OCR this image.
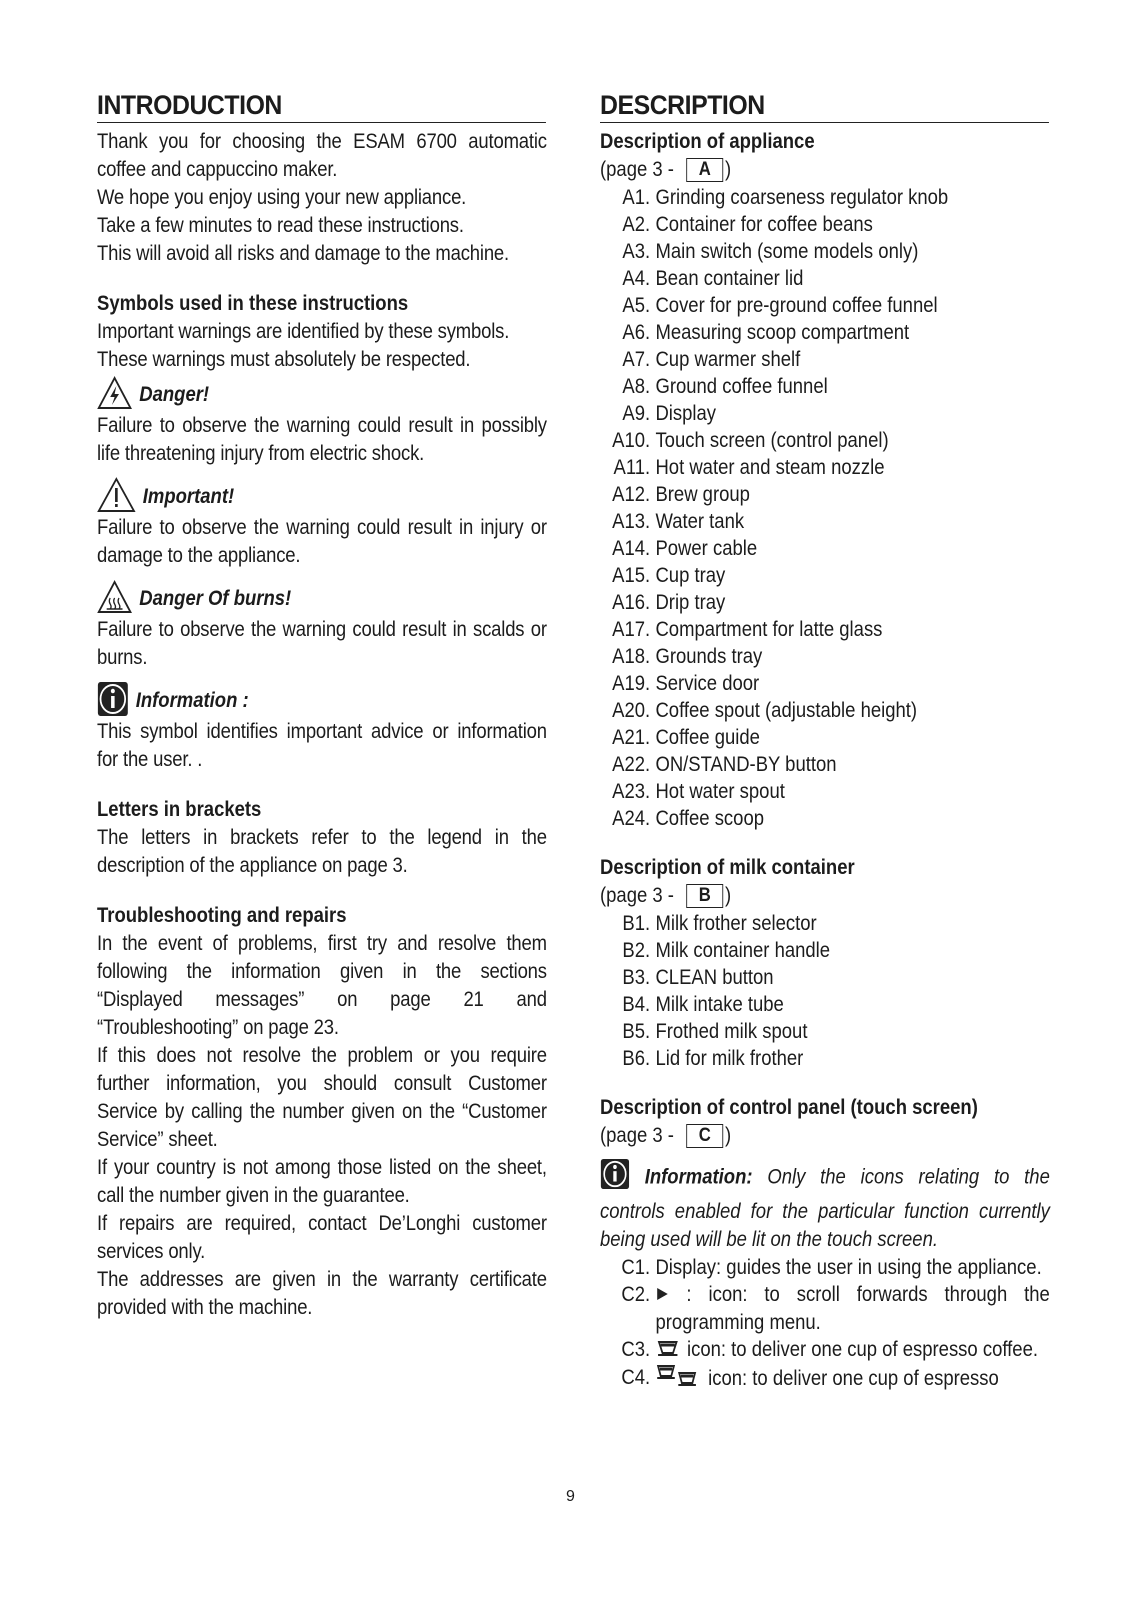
INTRODUCTION

Thank you for choosing the ESAM 6700 automatic coffee and cappuccino maker.

We hope you enjoy using your new appliance.

Take a few minutes to read these instructions.

This will avoid all risks and damage to the machine.

Symbols used in these instructions

Important warnings are identified by these symbols.

These warnings must absolutely be respected.

Danger!

Failure to observe the warning could result in possibly life threatening injury from electric shock.

Important!

Failure to observe the warning could result in injury or damage to the appliance.

Danger Of burns!

Failure to observe the warning could result in scalds or burns.

Information :

This symbol identifies important advice or information for the user. .

Letters in brackets

The letters in brackets refer to the legend in the description of the appliance on page 3.

Troubleshooting and repairs

In the event of problems, first try and resolve them following the information given in the sections “Displayed messages” on page 21 and “Troubleshooting” on page 23.

If this does not resolve the problem or you require further information, you should consult Customer Service by calling the number given on the “Customer Service” sheet.

If your country is not among those listed on the sheet, call the number given in the guarantee.

If repairs are required, contact De’Longhi customer services only.

The addresses are given in the warranty certificate provided with the machine.

DESCRIPTION

Description of appliance

(page 3 -	A )
A1. Grinding coarseness regulator knob
A2. Container for coffee beans
A3. Main switch (some models only)
A4. Bean container lid
A5. Cover for pre-ground coffee funnel
A6. Measuring scoop compartment
A7. Cup warmer shelf
A8. Ground coffee funnel
A9. Display
A10. Touch screen (control panel)
A11. Hot water and steam nozzle
A12. Brew group
A13. Water tank
A14. Power cable
A15. Cup tray
A16. Drip tray
A17. Compartment for latte glass
A18. Grounds tray
A19. Service door
A20. Coffee spout (adjustable height)
A21. Coffee guide
A22. ON/STAND-BY button
A23. Hot water spout
A24. Coffee scoop

Description of milk container

(page 3 -	B )
B1. Milk frother selector
B2. Milk container handle
B3. CLEAN button
B4. Milk intake tube
B5. Frothed milk spout
B6. Lid for milk frother

Description of control panel (touch screen)

(page 3 -	C )

Information: Only the icons relating to the controls enabled for the particular function currently being used will be lit on the touch screen.

C1. Display: guides the user in using the appliance.
C2.	: icon: to scroll forwards through the programming menu.
C3.	icon: to deliver one cup of espresso coffee.
C4.	icon: to deliver one cup of espresso
9
